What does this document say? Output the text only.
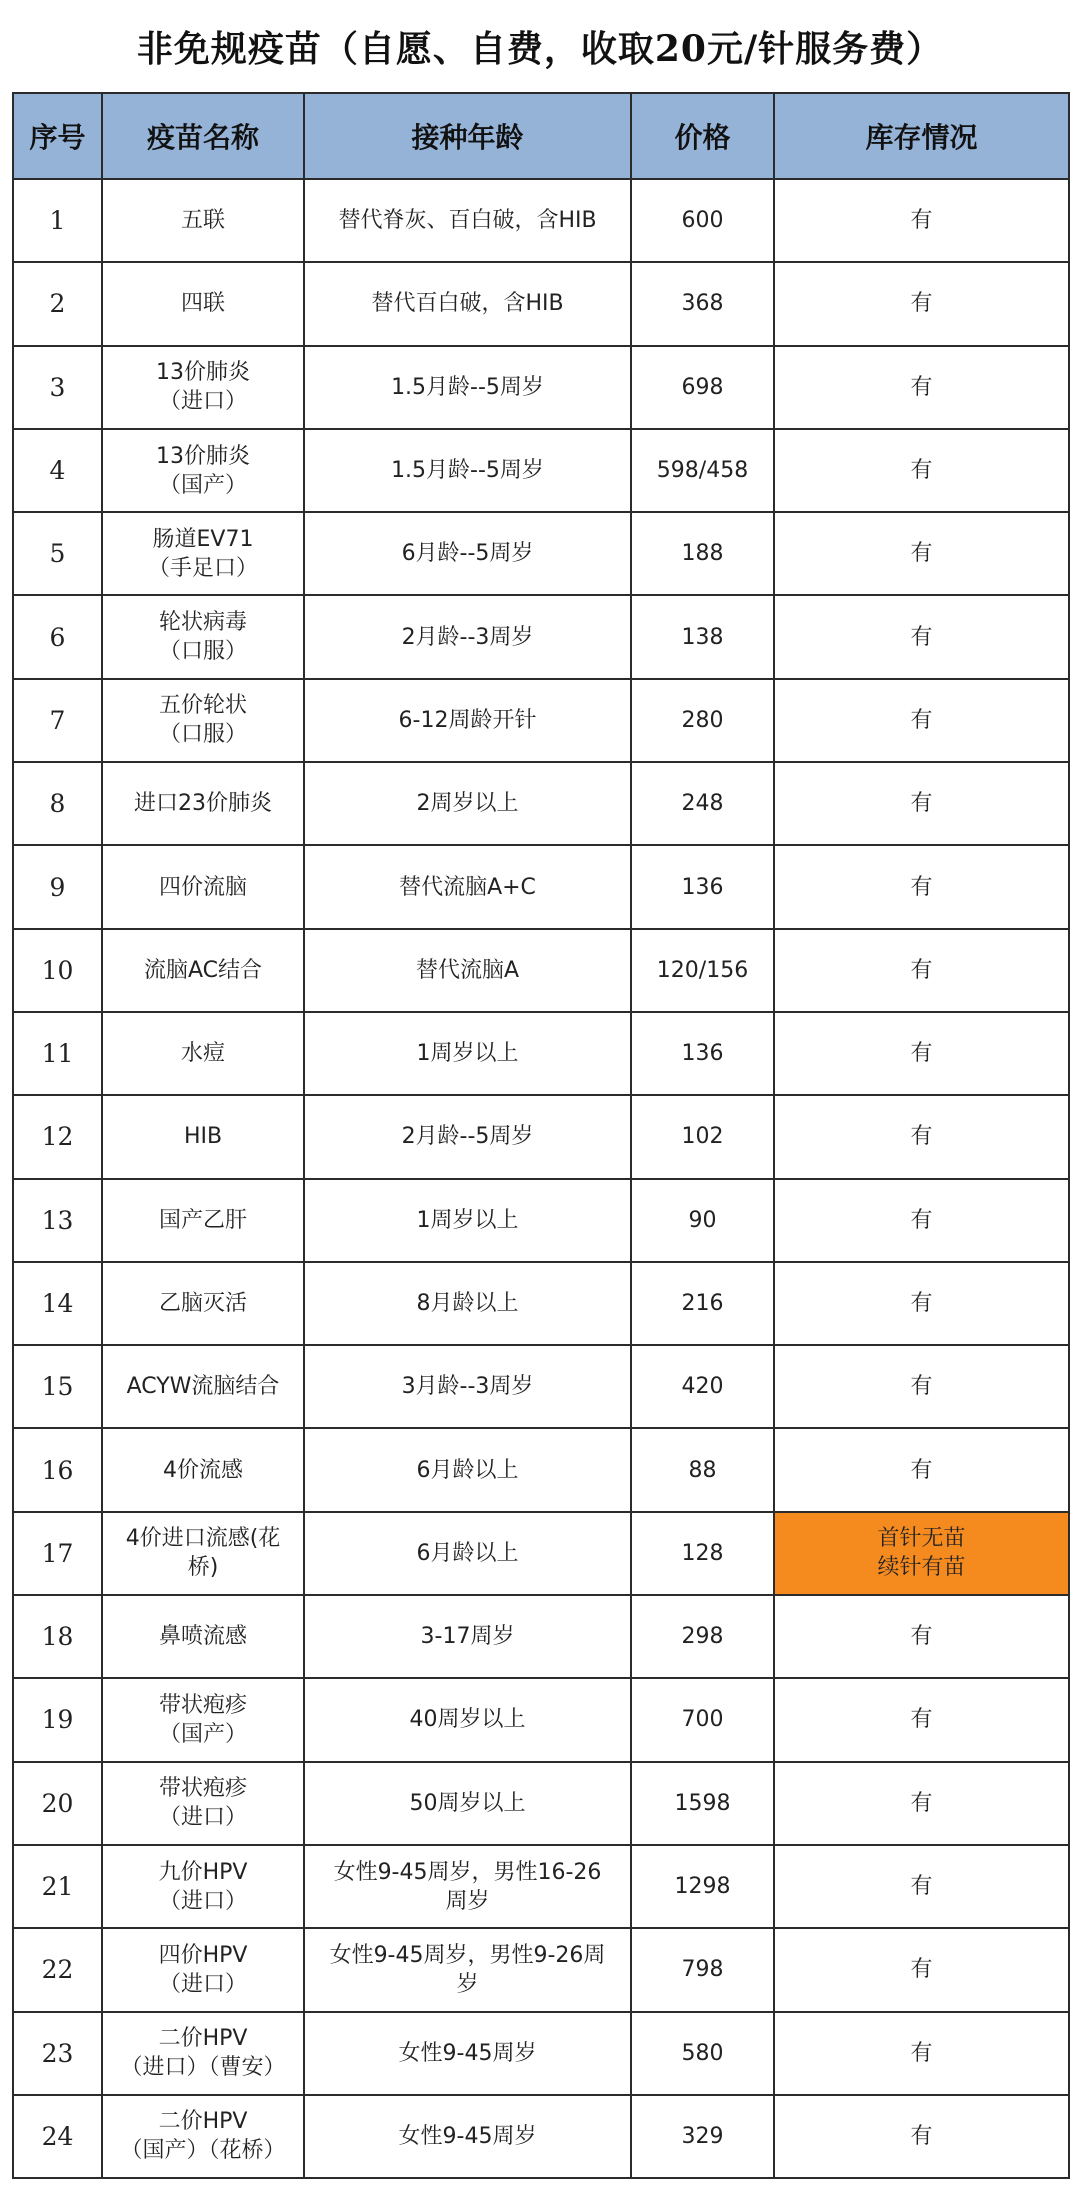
非免规疫苗（自愿、自费，收取20元/针服务费）
序号	疫苗名称	接种年龄	价格	库存情况
1	五联	替代脊灰、百白破，含HIB	600	有

2	四联	替代百白破，含HIB	368	有

3	13价肺炎
（进口）	1.5月龄--5周岁	698	有

4	13价肺炎
（国产）	1.5月龄--5周岁	598/458	有

5	肠道EV71
（手足口）	6月龄--5周岁	188	有

6	轮状病毒
（口服）	2月龄--3周岁	138	有

7	五价轮状
（口服）	6-12周龄开针	280	有

8	进口23价肺炎	2周岁以上	248	有

9	四价流脑	替代流脑A+C	136	有

10	流脑AC结合	替代流脑A	120/156	有

11	水痘	1周岁以上	136	有

12	HIB	2月龄--5周岁	102	有

13	国产乙肝	1周岁以上	90	有

14	乙脑灭活	8月龄以上	216	有

15	ACYW流脑结合	3月龄--3周岁	420	有

16	4价流感	6月龄以上	88	有

17	4价进口流感(花
桥)	6月龄以上	128	首针无苗
续针有苗

18	鼻喷流感	3-17周岁	298	有

19	带状疱疹
（国产）	40周岁以上	700	有

20	带状疱疹
（进口）	50周岁以上	1598	有

21	九价HPV
（进口）	女性9-45周岁，男性16-26
周岁	1298	有

22	四价HPV
（进口）	女性9-45周岁，男性9-26周
岁	798	有

23	二价HPV
（进口）（曹安）	女性9-45周岁	580	有

24	二价HPV
（国产）（花桥）	女性9-45周岁	329	有
